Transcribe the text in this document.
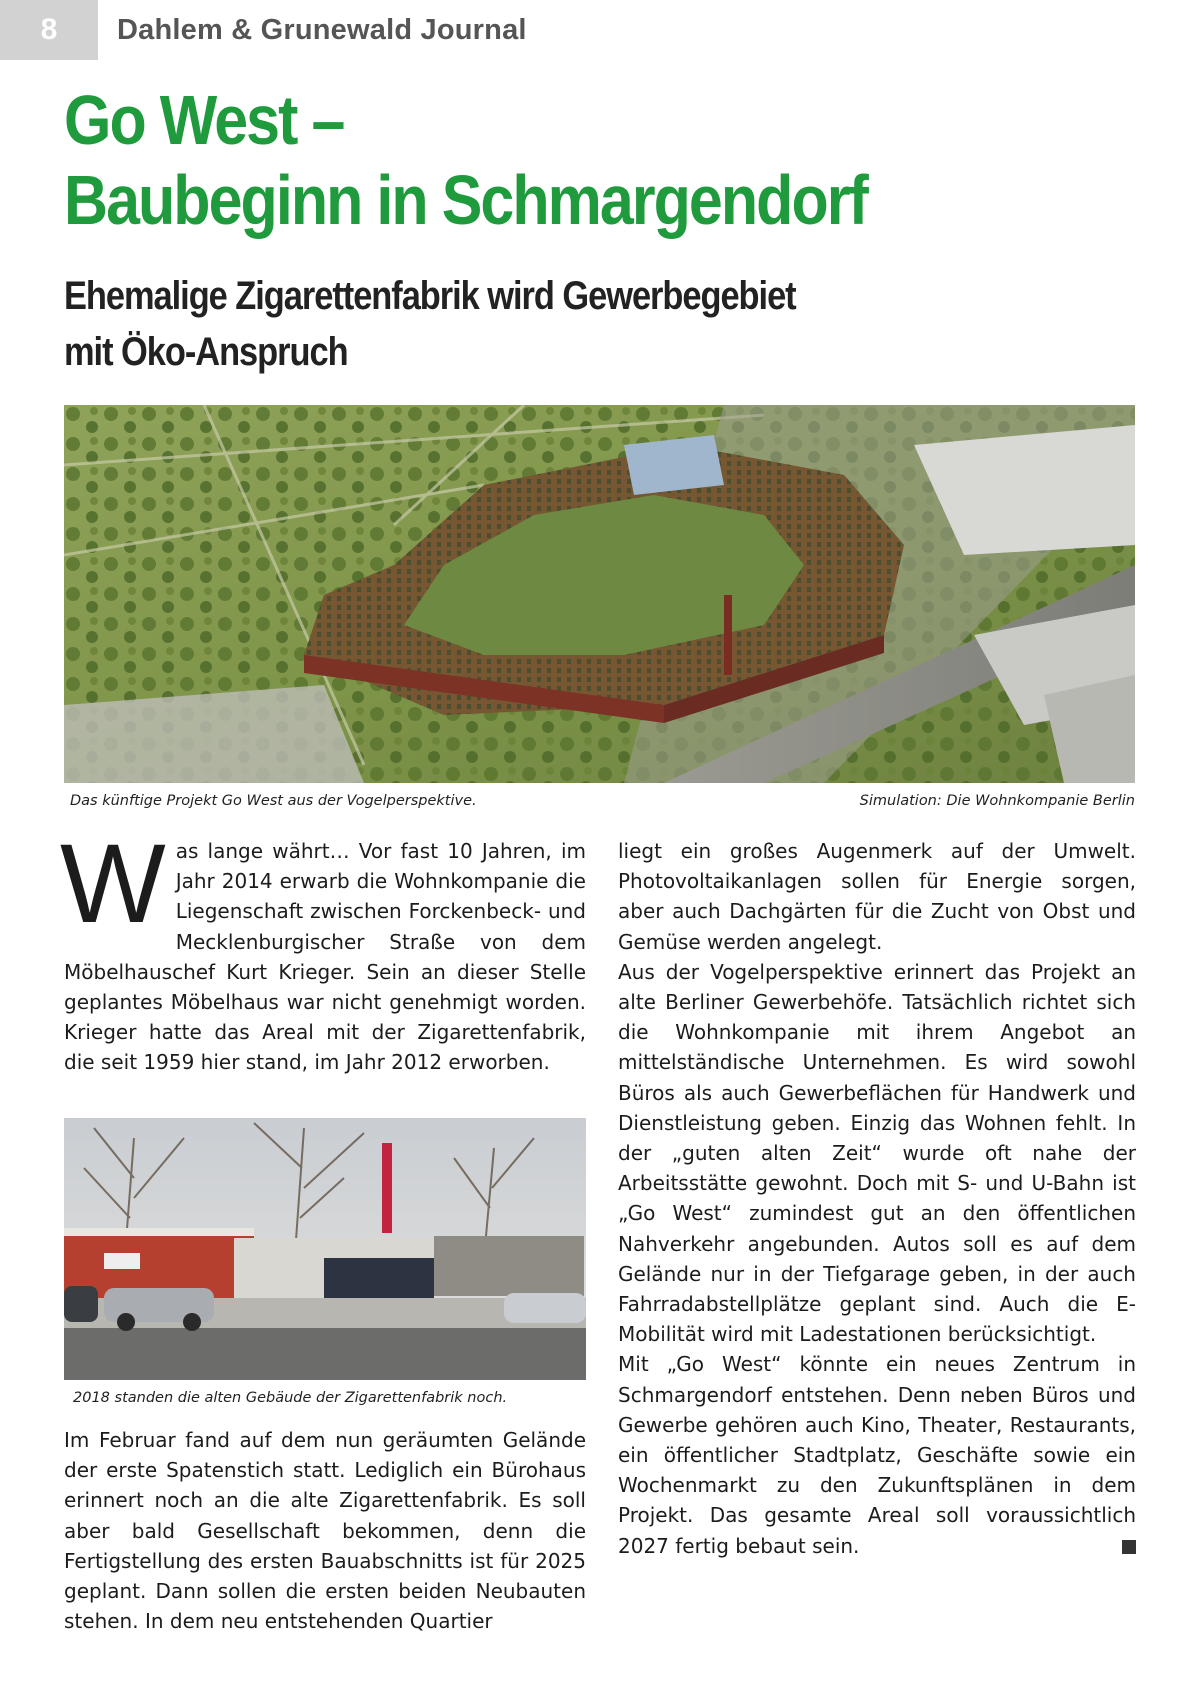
8 Dahlem & Grunewald Journal
Go West –
Baubeginn in Schmargendorf
Ehemalige Zigarettenfabrik wird Gewerbegebiet
mit Öko-Anspruch
Das künftige Projekt Go West aus der Vogelperspektive.	Simulation: Die Wohnkompanie Berlin
W as lange währt… Vor fast 10 Jahren, im Jahr 2014 erwarb die Wohnkompanie die Liegenschaft zwischen Forckenbeck- und Mecklenburgischer Straße von dem Möbelhauschef Kurt Krieger. Sein an dieser Stelle geplantes Möbelhaus war nicht genehmigt worden. Krieger hatte das Areal mit der Zigarettenfabrik, die seit 1959 hier stand, im Jahr 2012 erworben.

2018 standen die alten Gebäude der Zigarettenfabrik noch.

Im Februar fand auf dem nun geräumten Gelände der erste Spatenstich statt. Lediglich ein Bürohaus erinnert noch an die alte Zigarettenfabrik. Es soll aber bald Gesellschaft bekommen, denn die Fertigstellung des ersten Bauabschnitts ist für 2025 geplant. Dann sollen die ersten beiden Neubauten stehen. In dem neu entstehenden Quartier

liegt ein großes Augenmerk auf der Umwelt. Photovoltaikanlagen sollen für Energie sorgen, aber auch Dachgärten für die Zucht von Obst und Gemüse werden angelegt.

Aus der Vogelperspektive erinnert das Projekt an alte Berliner Gewerbehöfe. Tatsächlich richtet sich die Wohnkompanie mit ihrem Angebot an mittelständische Unternehmen. Es wird sowohl Büros als auch Gewerbeflächen für Handwerk und Dienstleistung geben. Einzig das Wohnen fehlt. In der „guten alten Zeit“ wurde oft nahe der Arbeitsstätte gewohnt. Doch mit S- und U-Bahn ist „Go West“ zumindest gut an den öffentlichen Nahverkehr angebunden. Autos soll es auf dem Gelände nur in der Tiefgarage geben, in der auch Fahrradabstellplätze geplant sind. Auch die E-Mobilität wird mit Ladestationen berücksichtigt.

Mit „Go West“ könnte ein neues Zentrum in Schmargendorf entstehen. Denn neben Büros und Gewerbe gehören auch Kino, Theater, Restaurants, ein öffentlicher Stadtplatz, Geschäfte sowie ein Wochenmarkt zu den Zukunftsplänen in dem Projekt. Das gesamte Areal soll voraussichtlich 2027 fertig bebaut sein.
